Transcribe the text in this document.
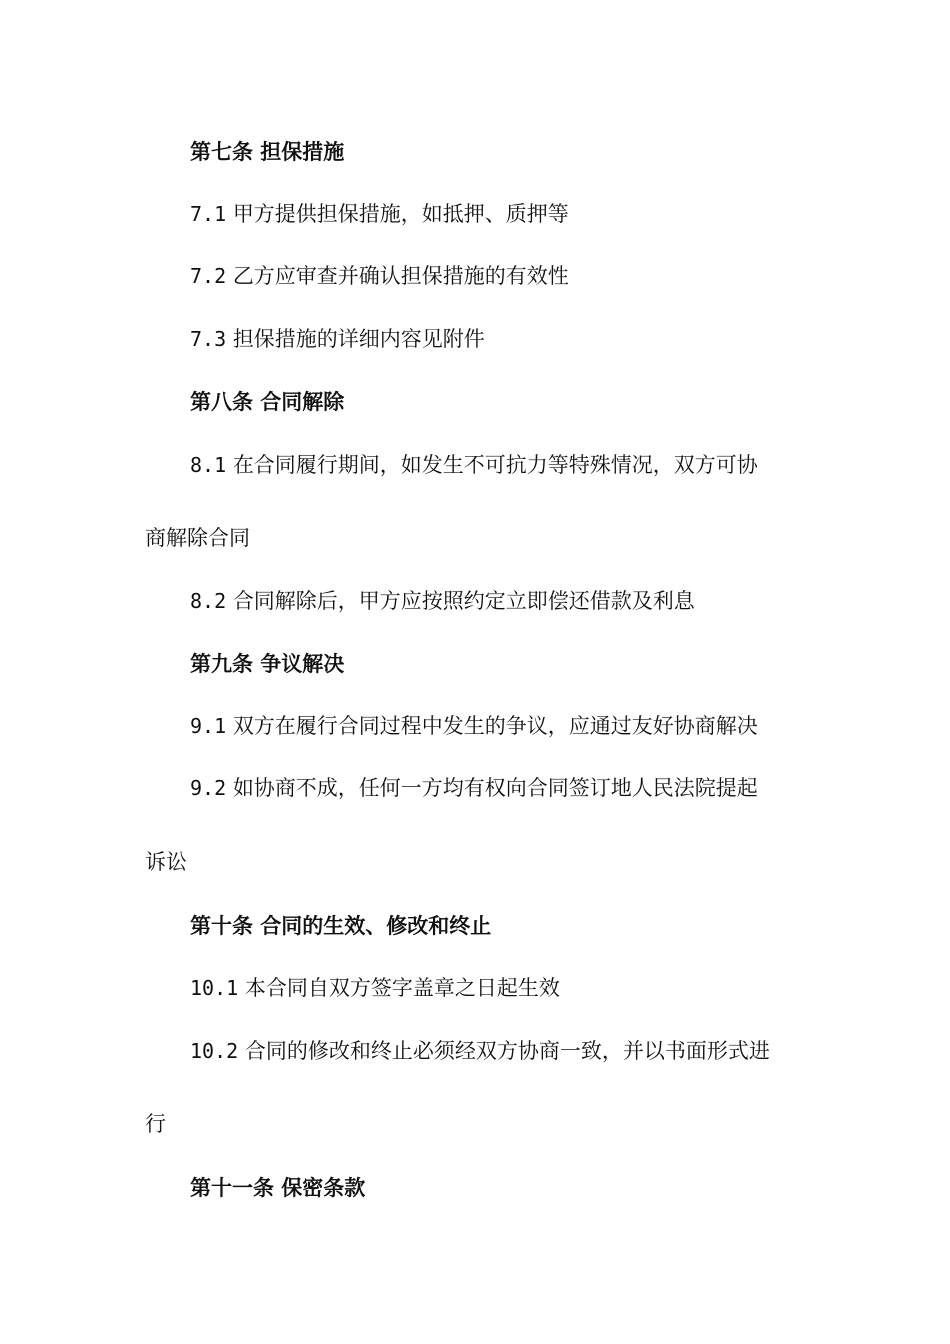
第七条 担保措施
7.1 甲方提供担保措施，如抵押、质押等
7.2 乙方应审查并确认担保措施的有效性
7.3 担保措施的详细内容见附件
第八条 合同解除
8.1 在合同履行期间，如发生不可抗力等特殊情况，双方可协
商解除合同
8.2 合同解除后，甲方应按照约定立即偿还借款及利息
第九条 争议解决
9.1 双方在履行合同过程中发生的争议，应通过友好协商解决
9.2 如协商不成，任何一方均有权向合同签订地人民法院提起
诉讼
第十条 合同的生效、修改和终止
10.1 本合同自双方签字盖章之日起生效
10.2 合同的修改和终止必须经双方协商一致，并以书面形式进
行
第十一条 保密条款
